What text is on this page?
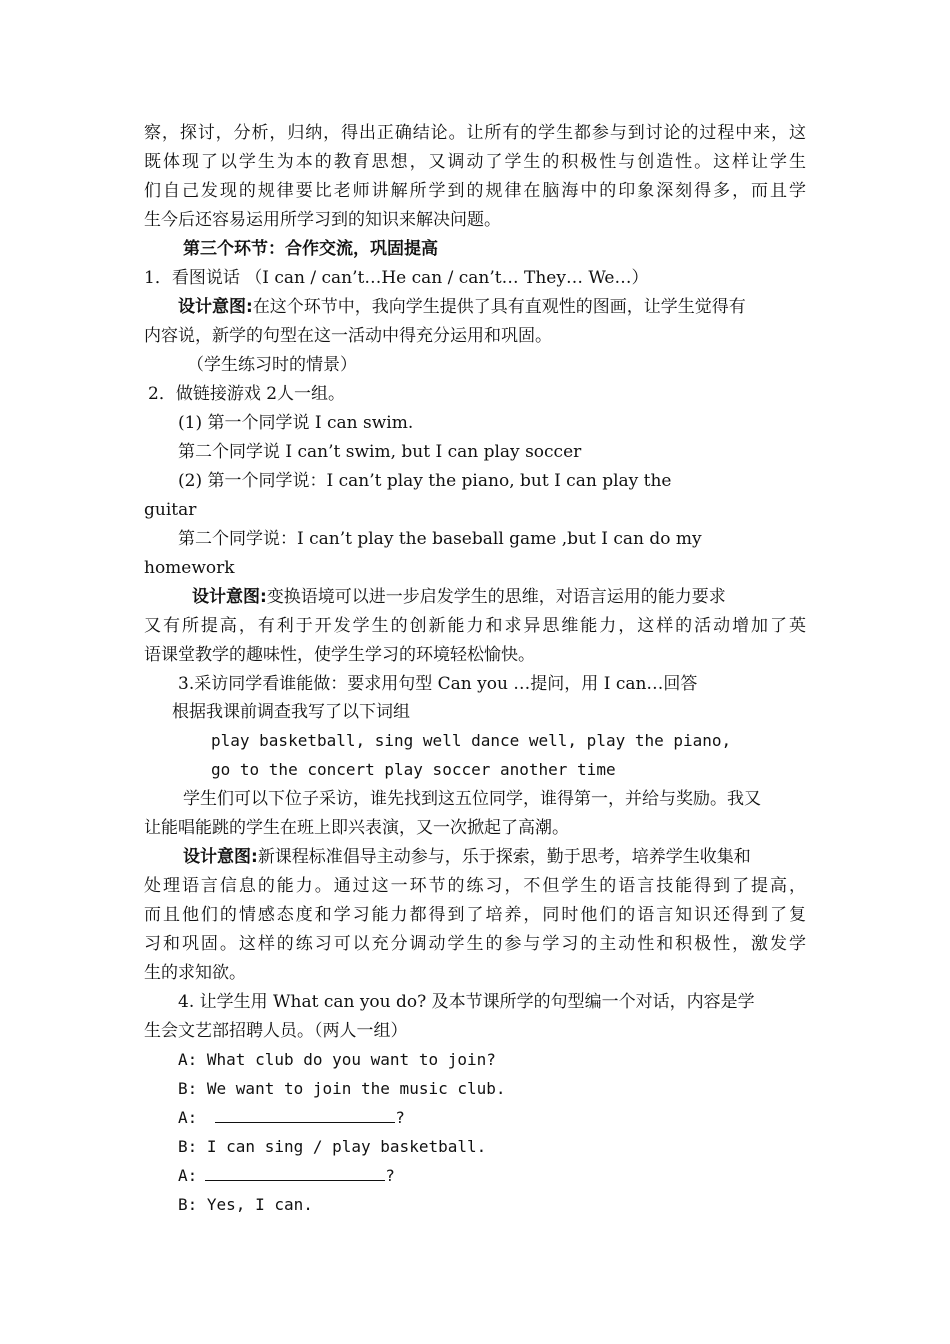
察，探讨，分析，归纳，得出正确结论。让所有的学生都参与到讨论的过程中来，这
既体现了以学生为本的教育思想，又调动了学生的积极性与创造性。这样让学生
们自己发现的规律要比老师讲解所学到的规律在脑海中的印象深刻得多，而且学
生今后还容易运用所学习到的知识来解决问题。
第三个环节：合作交流，巩固提高
1．看图说话 （I can / can’t…He can / can’t… They… We…）
设计意图:在这个环节中，我向学生提供了具有直观性的图画，让学生觉得有
内容说，新学的句型在这一活动中得充分运用和巩固。
（学生练习时的情景）
2．做链接游戏 2人一组。
(1) 第一个同学说 I can swim.
第二个同学说 I can’t swim, but I can play soccer
(2) 第一个同学说：I can’t play the piano, but I can play the
guitar
第二个同学说：I can’t play the baseball game ,but I can do my
homework
设计意图:变换语境可以进一步启发学生的思维，对语言运用的能力要求
又有所提高，有利于开发学生的创新能力和求异思维能力，这样的活动增加了英
语课堂教学的趣味性，使学生学习的环境轻松愉快。
3.采访同学看谁能做：要求用句型 Can you …提问，用 I can…回答
根据我课前调查我写了以下词组
play basketball, sing well dance well, play the piano,
go to the concert play soccer another time
学生们可以下位子采访，谁先找到这五位同学，谁得第一，并给与奖励。我又
让能唱能跳的学生在班上即兴表演，又一次掀起了高潮。
设计意图:新课程标准倡导主动参与，乐于探索，勤于思考，培养学生收集和
处理语言信息的能力。通过这一环节的练习，不但学生的语言技能得到了提高，
而且他们的情感态度和学习能力都得到了培养，同时他们的语言知识还得到了复
习和巩固。这样的练习可以充分调动学生的参与学习的主动性和积极性，激发学
生的求知欲。
4. 让学生用 What can you do? 及本节课所学的句型编一个对话，内容是学
生会文艺部招聘人员。（两人一组）
A: What club do you want to join?
B: We want to join the music club.
A:	?
B: I can sing / play basketball.
A:	?
B: Yes, I can.
